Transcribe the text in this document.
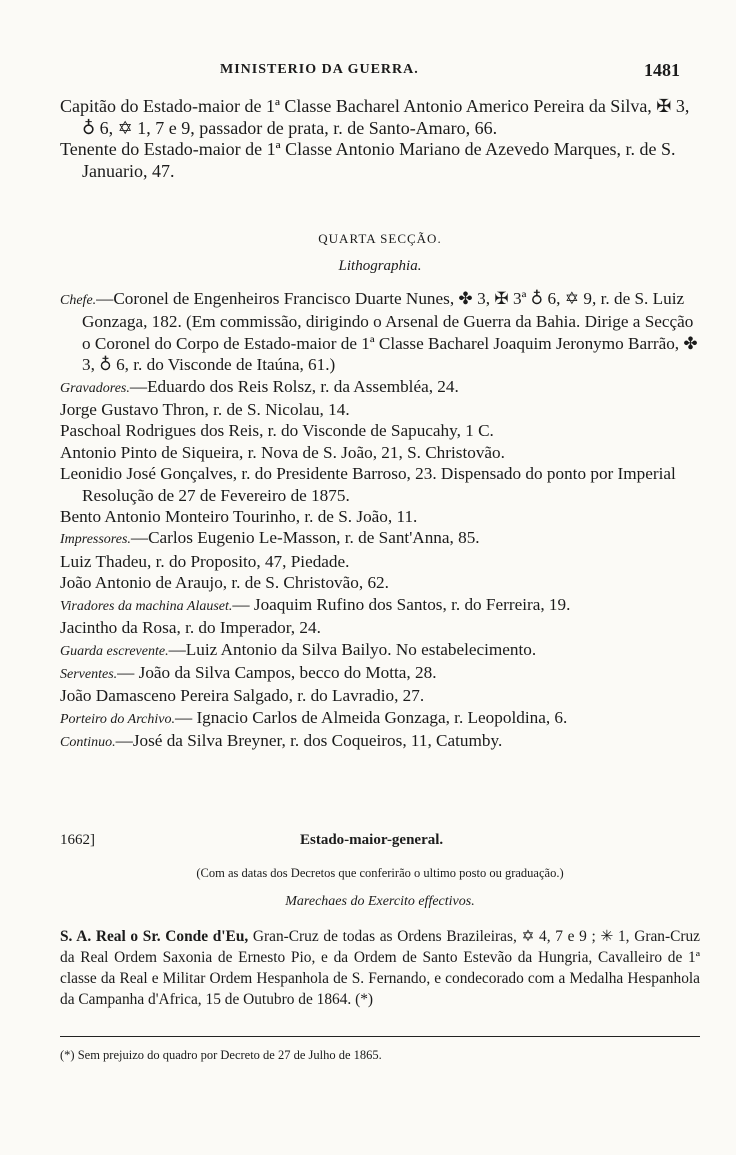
MINISTERIO DA GUERRA.	1481

Capitão do Estado-maior de 1ª Classe Bacharel Antonio Americo Pereira da Silva, ✠ 3, ♁ 6, ✡ 1, 7 e 9, passador de prata, r. de Santo-Amaro, 66.

Tenente do Estado-maior de 1ª Classe Antonio Mariano de Azevedo Marques, r. de S. Januario, 47.

QUARTA SECÇÃO.
Lithographia.

Chefe.—Coronel de Engenheiros Francisco Duarte Nunes, ✤ 3, ✠ 3ª ♁ 6, ✡ 9, r. de S. Luiz Gonzaga, 182. (Em commissão, dirigindo o Arsenal de Guerra da Bahia. Dirige a Secção o Coronel do Corpo de Estado-maior de 1ª Classe Bacharel Joaquim Jeronymo Barrão, ✤ 3, ♁ 6, r. do Visconde de Itaúna, 61.)

Gravadores.—Eduardo dos Reis Rolsz, r. da Assembléa, 24.

Jorge Gustavo Thron, r. de S. Nicolau, 14.

Paschoal Rodrigues dos Reis, r. do Visconde de Sapucahy, 1 C.

Antonio Pinto de Siqueira, r. Nova de S. João, 21, S. Christovão.

Leonidio José Gonçalves, r. do Presidente Barroso, 23. Dispensado do ponto por Imperial Resolução de 27 de Fevereiro de 1875.

Bento Antonio Monteiro Tourinho, r. de S. João, 11.

Impressores.—Carlos Eugenio Le-Masson, r. de Sant'Anna, 85.

Luiz Thadeu, r. do Proposito, 47, Piedade.

João Antonio de Araujo, r. de S. Christovão, 62.

Viradores da machina Alauset.— Joaquim Rufino dos Santos, r. do Ferreira, 19.

Jacintho da Rosa, r. do Imperador, 24.

Guarda escrevente.—Luiz Antonio da Silva Bailyo. No estabelecimento.

Serventes.— João da Silva Campos, becco do Motta, 28.

João Damasceno Pereira Salgado, r. do Lavradio, 27.

Porteiro do Archivo.— Ignacio Carlos de Almeida Gonzaga, r. Leopoldina, 6.

Continuo.—José da Silva Breyner, r. dos Coqueiros, 11, Catumby.

1662]	Estado-maior-general.
(Com as datas dos Decretos que conferirão o ultimo posto ou graduação.)
Marechaes do Exercito effectivos.
S. A. Real o Sr. Conde d'Eu, Gran-Cruz de todas as Ordens Brazileiras, ✡ 4, 7 e 9 ; ✳ 1, Gran-Cruz da Real Ordem Saxonia de Ernesto Pio, e da Ordem de Santo Estevão da Hungria, Cavalleiro de 1ª classe da Real e Militar Ordem Hespanhola de S. Fernando, e condecorado com a Medalha Hespanhola da Campanha d'Africa, 15 de Outubro de 1864. (*)
(*) Sem prejuizo do quadro por Decreto de 27 de Julho de 1865.
